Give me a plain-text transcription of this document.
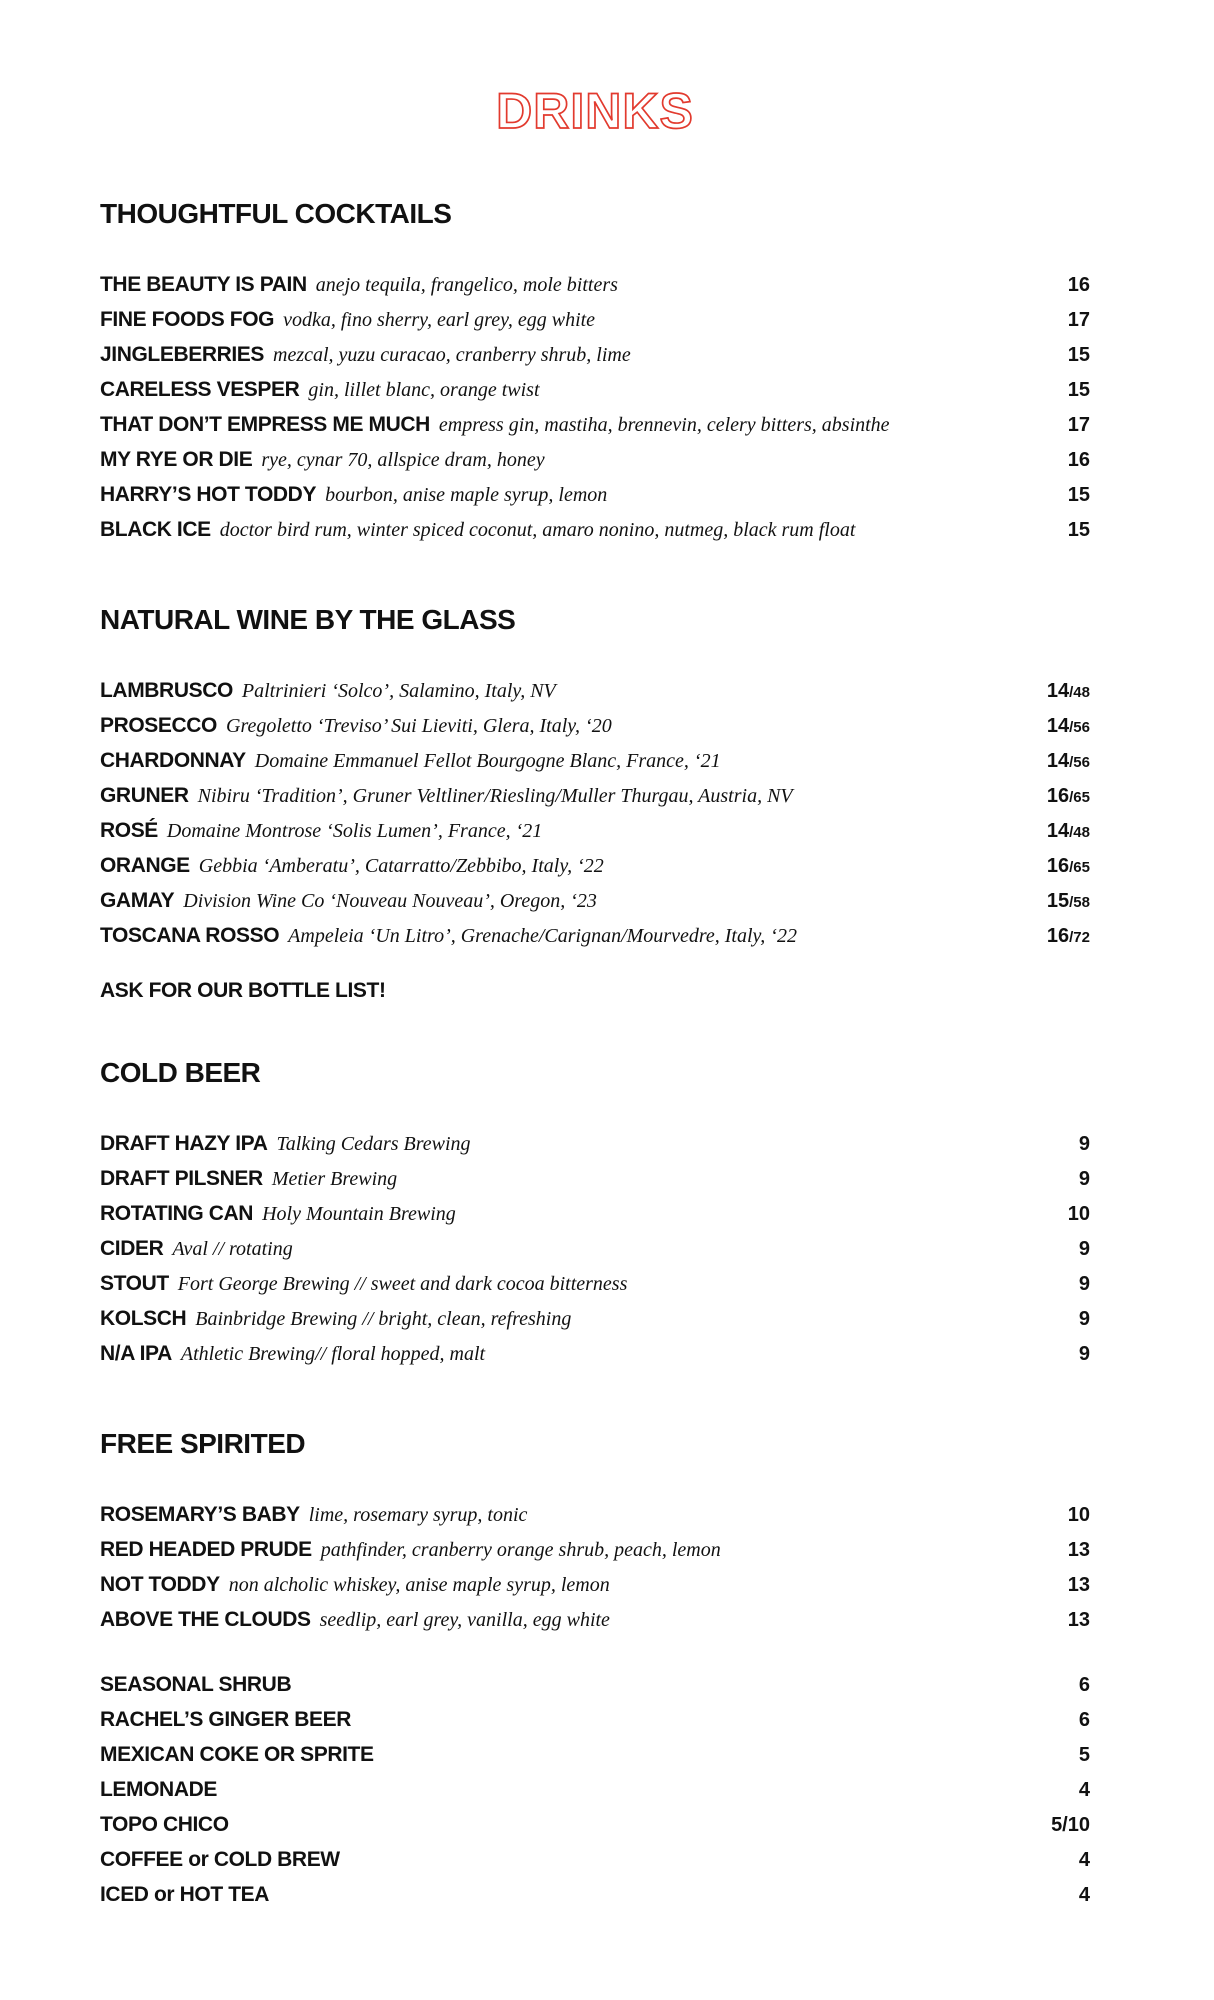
DRINKS
THOUGHTFUL COCKTAILS
THE BEAUTY IS PAIN anejo tequila, frangelico, mole bitters	16
FINE FOODS FOG vodka, fino sherry, earl grey, egg white	17
JINGLEBERRIES mezcal, yuzu curacao, cranberry shrub, lime	15
CARELESS VESPER gin, lillet blanc, orange twist	15
THAT DON’T EMPRESS ME MUCH empress gin, mastiha, brennevin, celery bitters, absinthe	17
MY RYE OR DIE rye, cynar 70, allspice dram, honey	16
HARRY’S HOT TODDY bourbon, anise maple syrup, lemon	15
BLACK ICE doctor bird rum, winter spiced coconut, amaro nonino, nutmeg, black rum float	15
NATURAL WINE BY THE GLASS
LAMBRUSCO Paltrinieri ‘Solco’, Salamino, Italy, NV	14/48
PROSECCO Gregoletto ‘Treviso’ Sui Lieviti, Glera, Italy, ‘20	14/56
CHARDONNAY Domaine Emmanuel Fellot Bourgogne Blanc, France, ‘21	14/56
GRUNER Nibiru ‘Tradition’, Gruner Veltliner/Riesling/Muller Thurgau, Austria, NV	16/65
ROSÉ Domaine Montrose ‘Solis Lumen’, France, ‘21	14/48
ORANGE Gebbia ‘Amberatu’, Catarratto/Zebbibo, Italy, ‘22	16/65
GAMAY Division Wine Co ‘Nouveau Nouveau’, Oregon, ‘23	15/58
TOSCANA ROSSO Ampeleia ‘Un Litro’, Grenache/Carignan/Mourvedre, Italy, ‘22	16/72
ASK FOR OUR BOTTLE LIST!
COLD BEER
DRAFT HAZY IPA Talking Cedars Brewing	9
DRAFT PILSNER Metier Brewing	9
ROTATING CAN Holy Mountain Brewing	10
CIDER Aval // rotating	9
STOUT Fort George Brewing // sweet and dark cocoa bitterness	9
KOLSCH Bainbridge Brewing // bright, clean, refreshing	9
N/A IPA Athletic Brewing// floral hopped, malt	9
FREE SPIRITED
ROSEMARY’S BABY lime, rosemary syrup, tonic	10
RED HEADED PRUDE pathfinder, cranberry orange shrub, peach, lemon	13
NOT TODDY non alcholic whiskey, anise maple syrup, lemon	13
ABOVE THE CLOUDS seedlip, earl grey, vanilla, egg white	13
SEASONAL SHRUB	6
RACHEL’S GINGER BEER	6
MEXICAN COKE OR SPRITE	5
LEMONADE	4
TOPO CHICO	5/10
COFFEE or COLD BREW	4
ICED or HOT TEA	4
